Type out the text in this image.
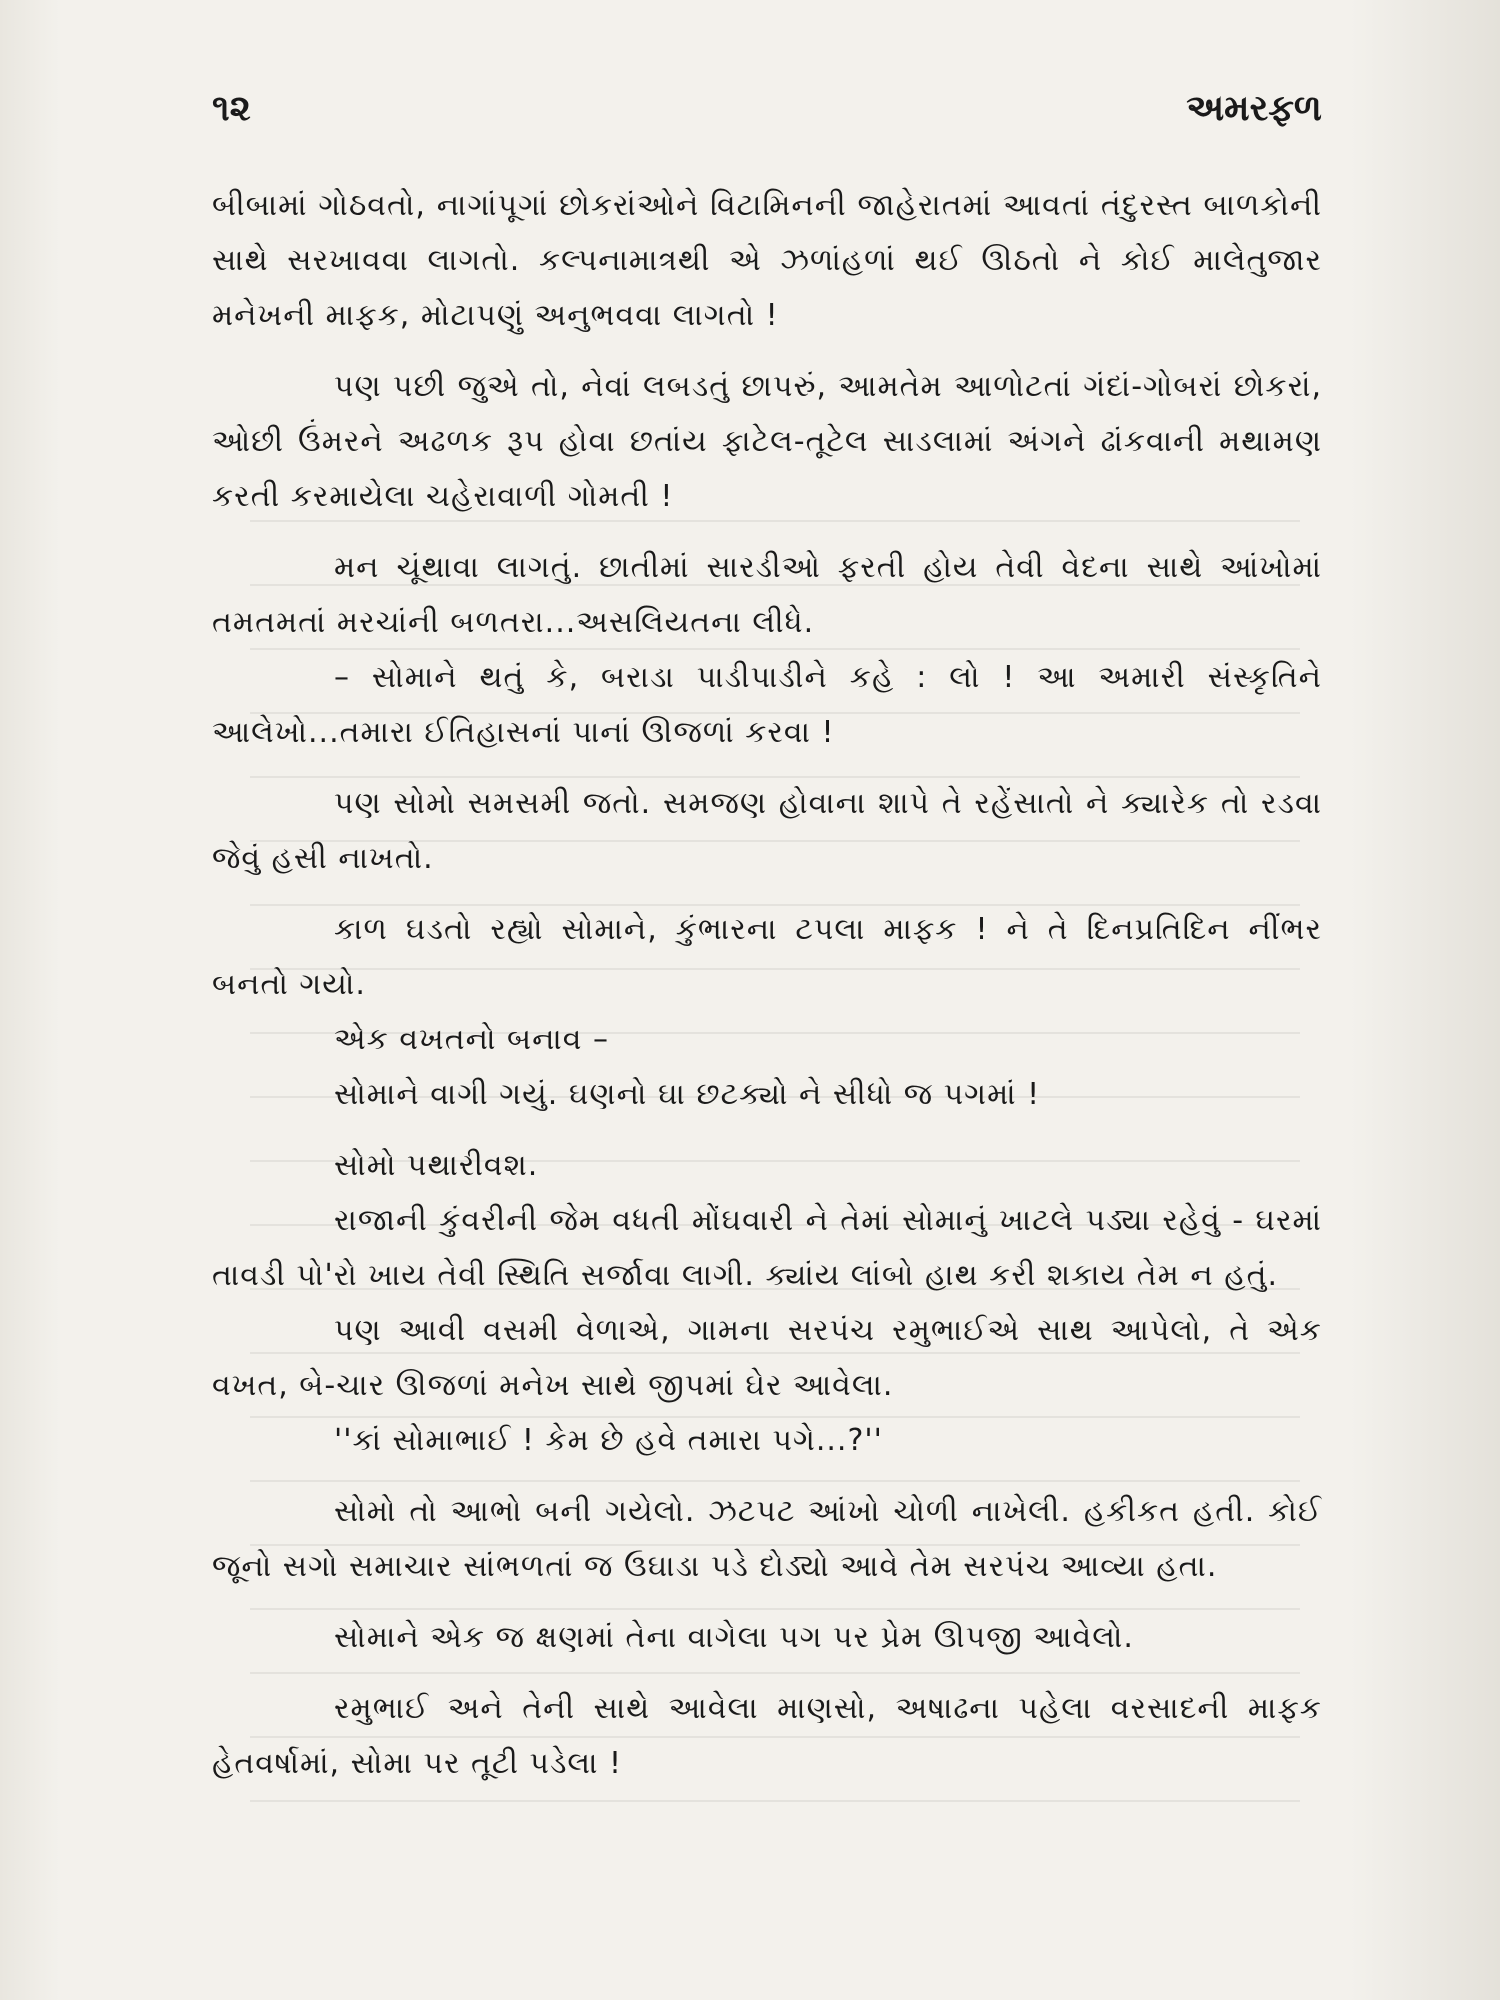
૧૨	અમરફળ

બીબામાં ગોઠવતો, નાગાંપૂગાં છોકરાંઓને વિટામિનની જાહેરાતમાં આવતાં તંદુરસ્ત બાળકોની સાથે સરખાવવા લાગતો. કલ્પનામાત્રથી એ ઝળાંહળાં થઈ ઊઠતો ને કોઈ માલેતુજાર મનેખની માફક, મોટાપણું અનુભવવા લાગતો !

પણ પછી જુએ તો, નેવાં લબડતું છાપરું, આમતેમ આળોટતાં ગંદાં-ગોબરાં છોકરાં, ઓછી ઉંમરને અઢળક રૂપ હોવા છતાંય ફાટેલ-તૂટેલ સાડલામાં અંગને ઢાંકવાની મથામણ કરતી કરમાયેલા ચહેરાવાળી ગોમતી !

મન ચૂંથાવા લાગતું. છાતીમાં સારડીઓ ફરતી હોય તેવી વેદના સાથે આંખોમાં તમતમતાં મરચાંની બળતરા...અસલિયતના લીધે.

– સોમાને થતું કે, બરાડા પાડીપાડીને કહે : લો ! આ અમારી સંસ્કૃતિને આલેખો...તમારા ઈતિહાસનાં પાનાં ઊજળાં કરવા !

પણ સોમો સમસમી જતો. સમજણ હોવાના શાપે તે રહેંસાતો ને ક્યારેક તો રડવા જેવું હસી નાખતો.

કાળ ઘડતો રહ્યો સોમાને, કુંભારના ટપલા માફક ! ને તે દિનપ્રતિદિન નીંભર બનતો ગયો.

એક વખતનો બનાવ –

સોમાને વાગી ગયું. ઘણનો ઘા છટક્યો ને સીધો જ પગમાં !

સોમો પથારીવશ.

રાજાની કુંવરીની જેમ વધતી મોંઘવારી ને તેમાં સોમાનું ખાટલે પડ્યા રહેવું - ઘરમાં તાવડી પો'રો ખાય તેવી સ્થિતિ સર્જાવા લાગી. ક્યાંય લાંબો હાથ કરી શકાય તેમ ન હતું.

પણ આવી વસમી વેળાએ, ગામના સરપંચ રમુભાઈએ સાથ આપેલો, તે એક વખત, બે-ચાર ઊજળાં મનેખ સાથે જીપમાં ઘેર આવેલા.

''કાં સોમાભાઈ ! કેમ છે હવે તમારા પગે...?''

સોમો તો આભો બની ગયેલો. ઝટપટ આંખો ચોળી નાખેલી. હકીકત હતી. કોઈ જૂનો સગો સમાચાર સાંભળતાં જ ઉઘાડા પડે દોડ્યો આવે તેમ સરપંચ આવ્યા હતા.

સોમાને એક જ ક્ષણમાં તેના વાગેલા પગ પર પ્રેમ ઊપજી આવેલો.

રમુભાઈ અને તેની સાથે આવેલા માણસો, અષાઢના પહેલા વરસાદની માફક હેતવર્ષામાં, સોમા પર તૂટી પડેલા !
